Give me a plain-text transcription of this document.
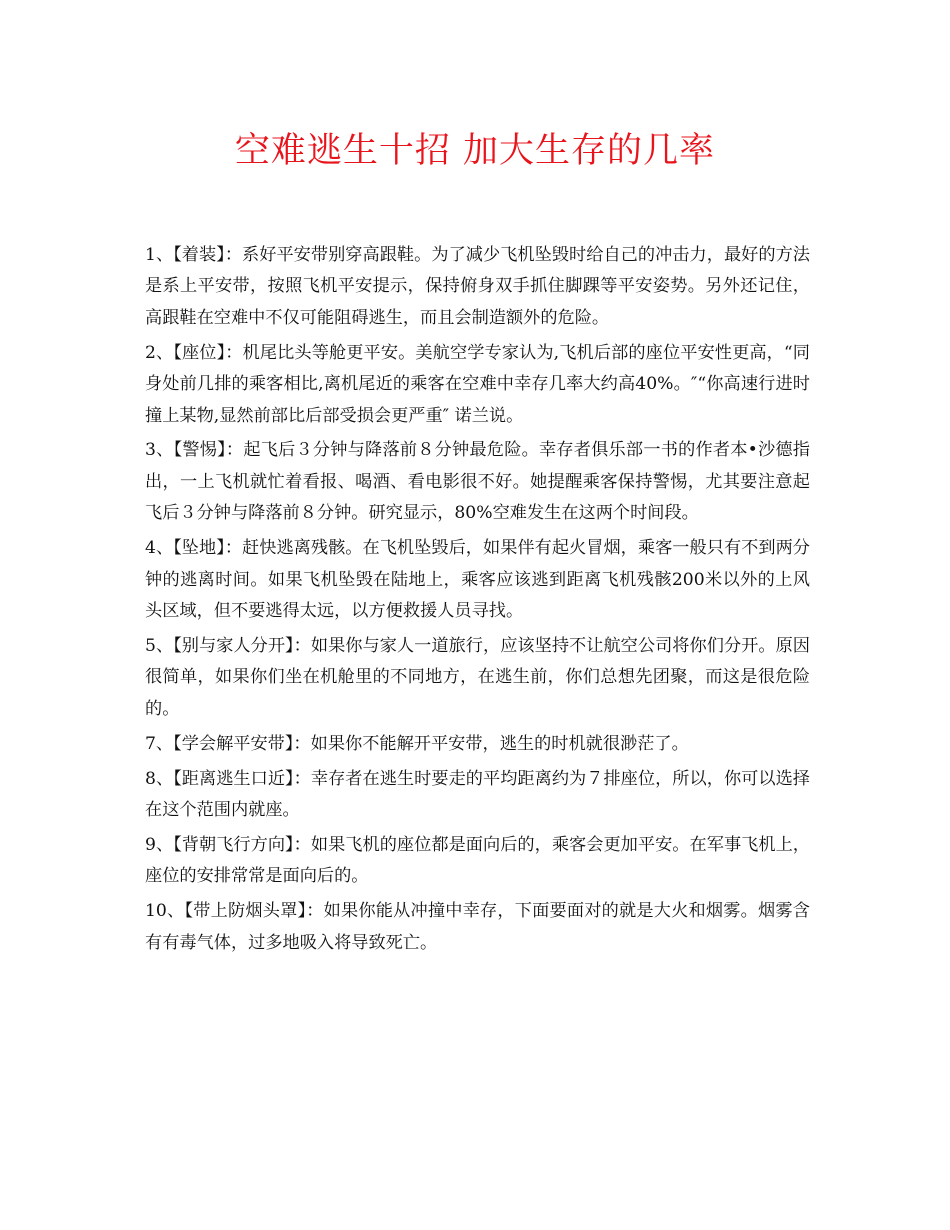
空难逃生十招 加大生存的几率

1、【着装】：系好平安带别穿高跟鞋。为了减少飞机坠毁时给自己的冲击力，最好的方法是系上平安带，按照飞机平安提示，保持俯身双手抓住脚踝等平安姿势。另外还记住，高跟鞋在空难中不仅可能阻碍逃生，而且会制造额外的危险。

2、【座位】：机尾比头等舱更平安。美航空学专家认为,飞机后部的座位平安性更高，“同身处前几排的乘客相比,离机尾近的乘客在空难中幸存几率大约高40%。″“你高速行进时撞上某物,显然前部比后部受损会更严重″ 诺兰说。

3、【警惕】：起飞后３分钟与降落前８分钟最危险。幸存者俱乐部一书的作者本•沙德指出，一上飞机就忙着看报、喝酒、看电影很不好。她提醒乘客保持警惕，尤其要注意起飞后３分钟与降落前８分钟。研究显示，80%空难发生在这两个时间段。

4、【坠地】：赶快逃离残骸。在飞机坠毁后，如果伴有起火冒烟，乘客一般只有不到两分钟的逃离时间。如果飞机坠毁在陆地上，乘客应该逃到距离飞机残骸200米以外的上风头区域，但不要逃得太远，以方便救援人员寻找。

5、【别与家人分开】：如果你与家人一道旅行，应该坚持不让航空公司将你们分开。原因很简单，如果你们坐在机舱里的不同地方，在逃生前，你们总想先团聚，而这是很危险的。

7、【学会解平安带】：如果你不能解开平安带，逃生的时机就很渺茫了。

8、【距离逃生口近】：幸存者在逃生时要走的平均距离约为７排座位，所以，你可以选择在这个范围内就座。

9、【背朝飞行方向】：如果飞机的座位都是面向后的，乘客会更加平安。在军事飞机上，座位的安排常常是面向后的。

10、【带上防烟头罩】：如果你能从冲撞中幸存，下面要面对的就是大火和烟雾。烟雾含有有毒气体，过多地吸入将导致死亡。
